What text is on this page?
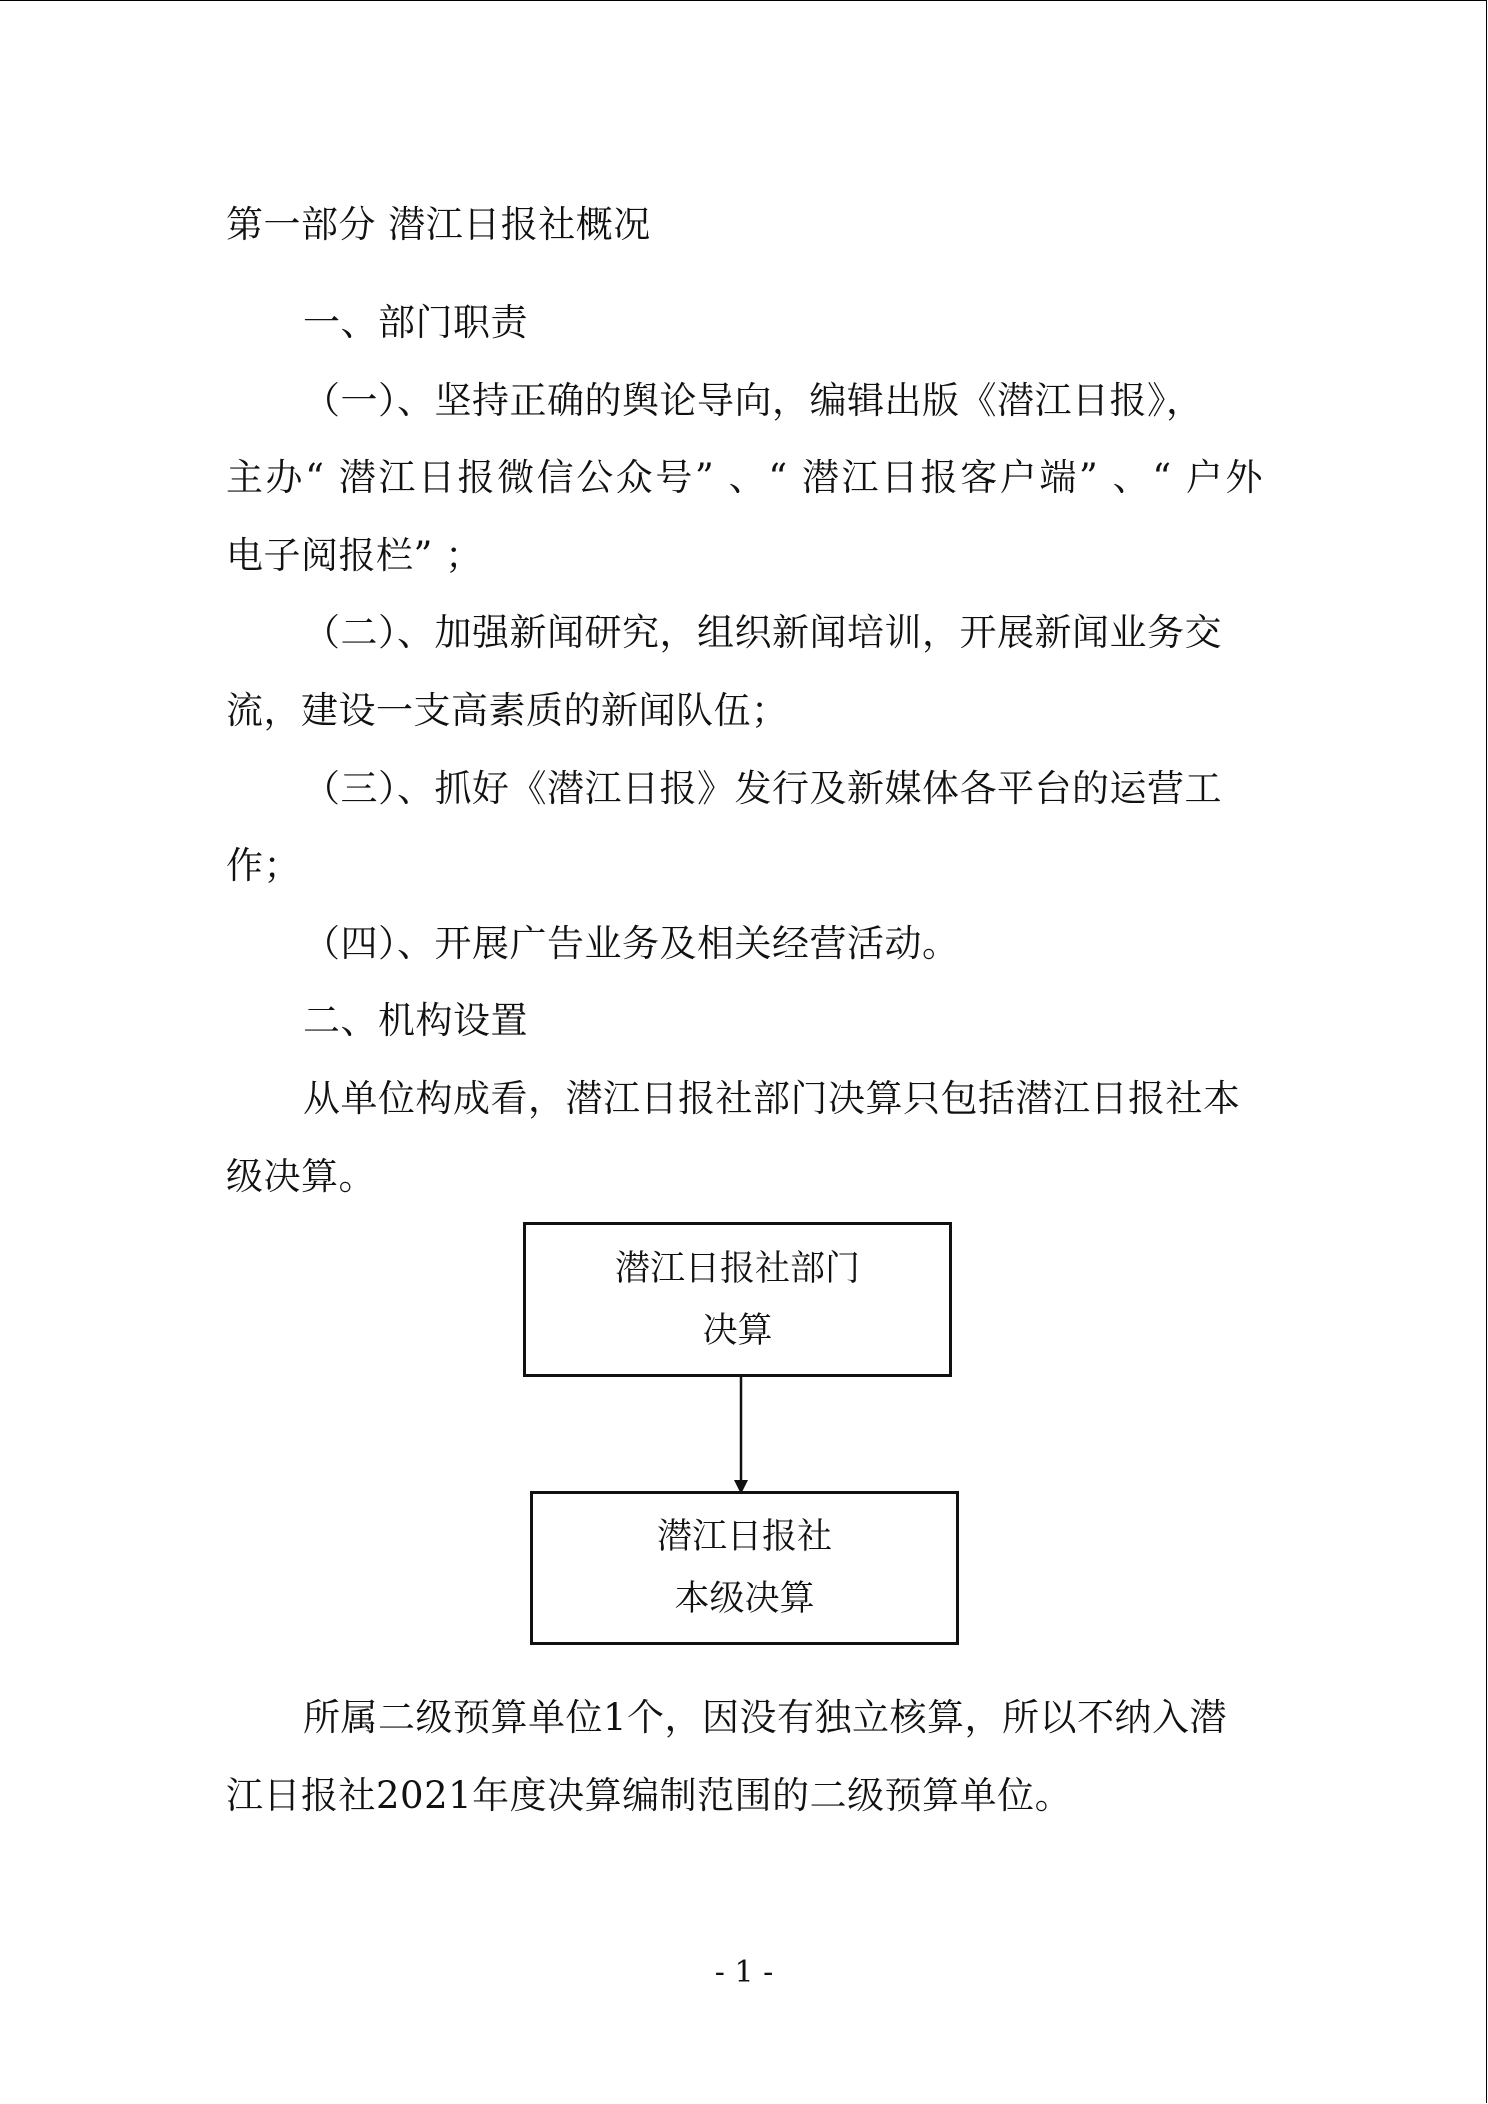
第一部分 潜江日报社概况
一、部门职责
（一）、坚持正确的舆论导向，编辑出版《潜江日报》，
主办“ 潜江日报微信公众号” 、“ 潜江日报客户端” 、“ 户外
电子阅报栏” ；
（二）、加强新闻研究，组织新闻培训，开展新闻业务交
流，建设一支高素质的新闻队伍；
（三）、抓好《潜江日报》发行及新媒体各平台的运营工
作；
（四）、开展广告业务及相关经营活动。
二、机构设置
从单位构成看，潜江日报社部门决算只包括潜江日报社本
级决算。
潜江日报社部门
决算
潜江日报社
本级决算
所属二级预算单位1个，因没有独立核算，所以不纳入潜
江日报社2021年度决算编制范围的二级预算单位。
- 1 -
